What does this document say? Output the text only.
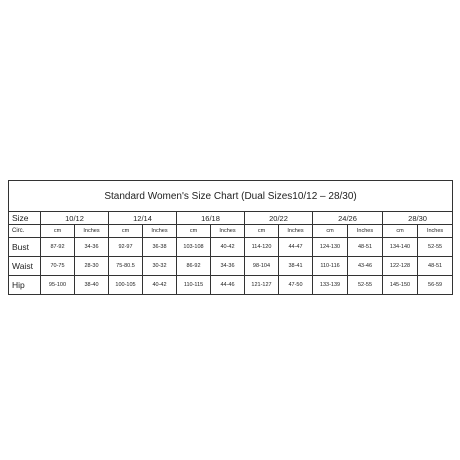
Standard Women's Size Chart (Dual Sizes10/12 – 28/30)												
Size	10/12		12/14		16/18		20/22		24/26		28/30	
Circ.	cm	Inches	cm	Inches	cm	Inches	cm	Inches	cm	Inches	cm	Inches
Bust	87-92	34-36	92-97	36-38	103-108	40-42	114-120	44-47	124-130	48-51	134-140	52-55
Waist	70-75	28-30	75-80.5	30-32	86-92	34-36	98-104	38-41	110-116	43-46	122-128	48-51
Hip	95-100	38-40	100-105	40-42	110-115	44-46	121-127	47-50	133-139	52-55	145-150	56-59
